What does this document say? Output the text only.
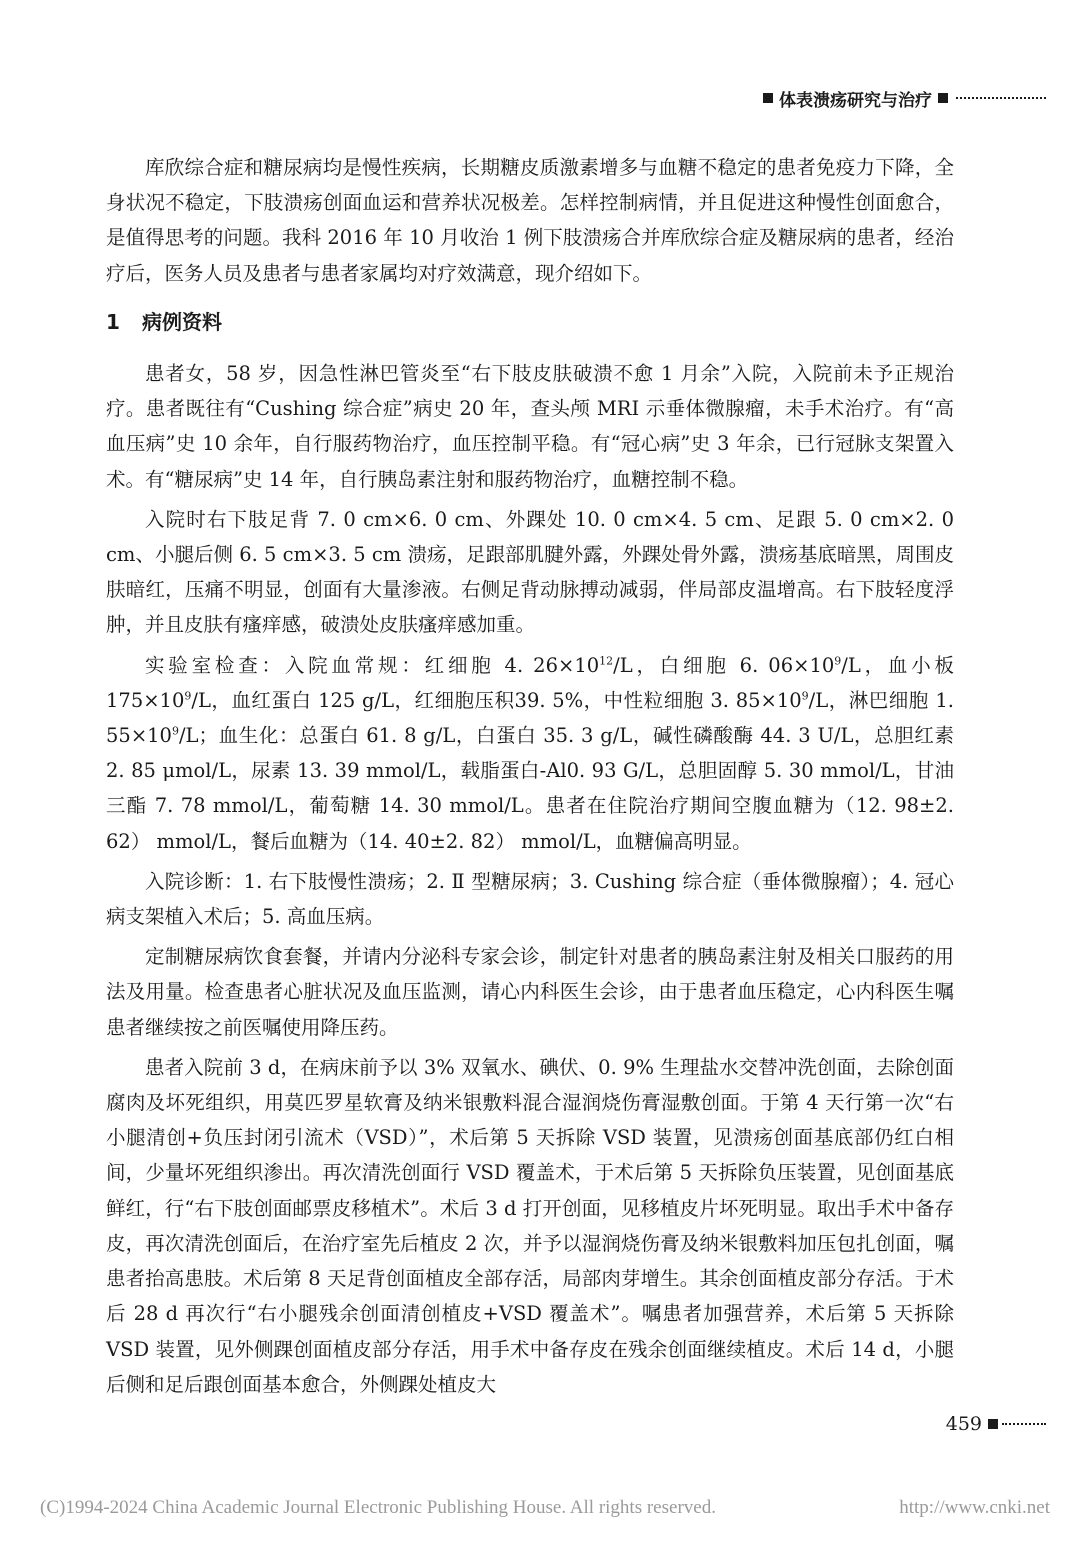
体表溃疡研究与治疗

库欣综合症和糖尿病均是慢性疾病，长期糖皮质激素增多与血糖不稳定的患者免疫力下降，全身状况不稳定，下肢溃疡创面血运和营养状况极差。怎样控制病情，并且促进这种慢性创面愈合，是值得思考的问题。我科 2016 年 10 月收治 1 例下肢溃疡合并库欣综合症及糖尿病的患者，经治疗后，医务人员及患者与患者家属均对疗效满意，现介绍如下。

1 病例资料

患者女，58 岁，因急性淋巴管炎至“右下肢皮肤破溃不愈 1 月余”入院，入院前未予正规治疗。患者既往有“Cushing 综合症”病史 20 年，查头颅 MRI 示垂体微腺瘤，未手术治疗。有“高血压病”史 10 余年，自行服药物治疗，血压控制平稳。有“冠心病”史 3 年余，已行冠脉支架置入术。有“糖尿病”史 14 年，自行胰岛素注射和服药物治疗，血糖控制不稳。

入院时右下肢足背 7. 0 cm×6. 0 cm、外踝处 10. 0 cm×4. 5 cm、足跟 5. 0 cm×2. 0 cm、小腿后侧 6. 5 cm×3. 5 cm 溃疡，足跟部肌腱外露，外踝处骨外露，溃疡基底暗黑，周围皮肤暗红，压痛不明显，创面有大量渗液。右侧足背动脉搏动减弱，伴局部皮温增高。右下肢轻度浮肿，并且皮肤有瘙痒感，破溃处皮肤瘙痒感加重。

实验室检查：入院血常规：红细胞 4. $26\times 10^{12}/L$，白细胞 6. $06\times 10^9/L$，血小板 $175\times 10^9/L$，血红蛋白 125 g/L，红细胞压积39. 5%，中性粒细胞 3. $85\times 10^9/L$，淋巴细胞 1. $55\times 10^9/L$；血生化：总蛋白 61. 8 g/L，白蛋白 35. 3 g/L，碱性磷酸酶 44. 3 U/L，总胆红素 2. 85 μmol/L，尿素 13. 39 mmol/L，载脂蛋白-Al0. 93 G/L，总胆固醇 5. 30 mmol/L，甘油三酯 7. 78 mmol/L，葡萄糖 14. 30 mmol/L。患者在住院治疗期间空腹血糖为（12. 98±2. 62） mmol/L，餐后血糖为（14. 40±2. 82） mmol/L，血糖偏高明显。

入院诊断：1. 右下肢慢性溃疡；2. Ⅱ 型糖尿病；3. Cushing 综合症（垂体微腺瘤）；4. 冠心病支架植入术后；5. 高血压病。

定制糖尿病饮食套餐，并请内分泌科专家会诊，制定针对患者的胰岛素注射及相关口服药的用法及用量。检查患者心脏状况及血压监测，请心内科医生会诊，由于患者血压稳定，心内科医生嘱患者继续按之前医嘱使用降压药。

患者入院前 3 d，在病床前予以 3% 双氧水、碘伏、0. 9% 生理盐水交替冲洗创面，去除创面腐肉及坏死组织，用莫匹罗星软膏及纳米银敷料混合湿润烧伤膏湿敷创面。于第 4 天行第一次“右小腿清创+负压封闭引流术（VSD）”，术后第 5 天拆除 VSD 装置，见溃疡创面基底部仍红白相间，少量坏死组织渗出。再次清洗创面行 VSD 覆盖术，于术后第 5 天拆除负压装置，见创面基底鲜红，行“右下肢创面邮票皮移植术”。术后 3 d 打开创面，见移植皮片坏死明显。取出手术中备存皮，再次清洗创面后，在治疗室先后植皮 2 次，并予以湿润烧伤膏及纳米银敷料加压包扎创面，嘱患者抬高患肢。术后第 8 天足背创面植皮全部存活，局部肉芽增生。其余创面植皮部分存活。于术后 28 d 再次行“右小腿残余创面清创植皮+VSD 覆盖术”。嘱患者加强营养，术后第 5 天拆除 VSD 装置，见外侧踝创面植皮部分存活，用手术中备存皮在残余创面继续植皮。术后 14 d，小腿后侧和足后跟创面基本愈合，外侧踝处植皮大

459
(C)1994-2024 China Academic Journal Electronic Publishing House. All rights reserved.	http://www.cnki.net
